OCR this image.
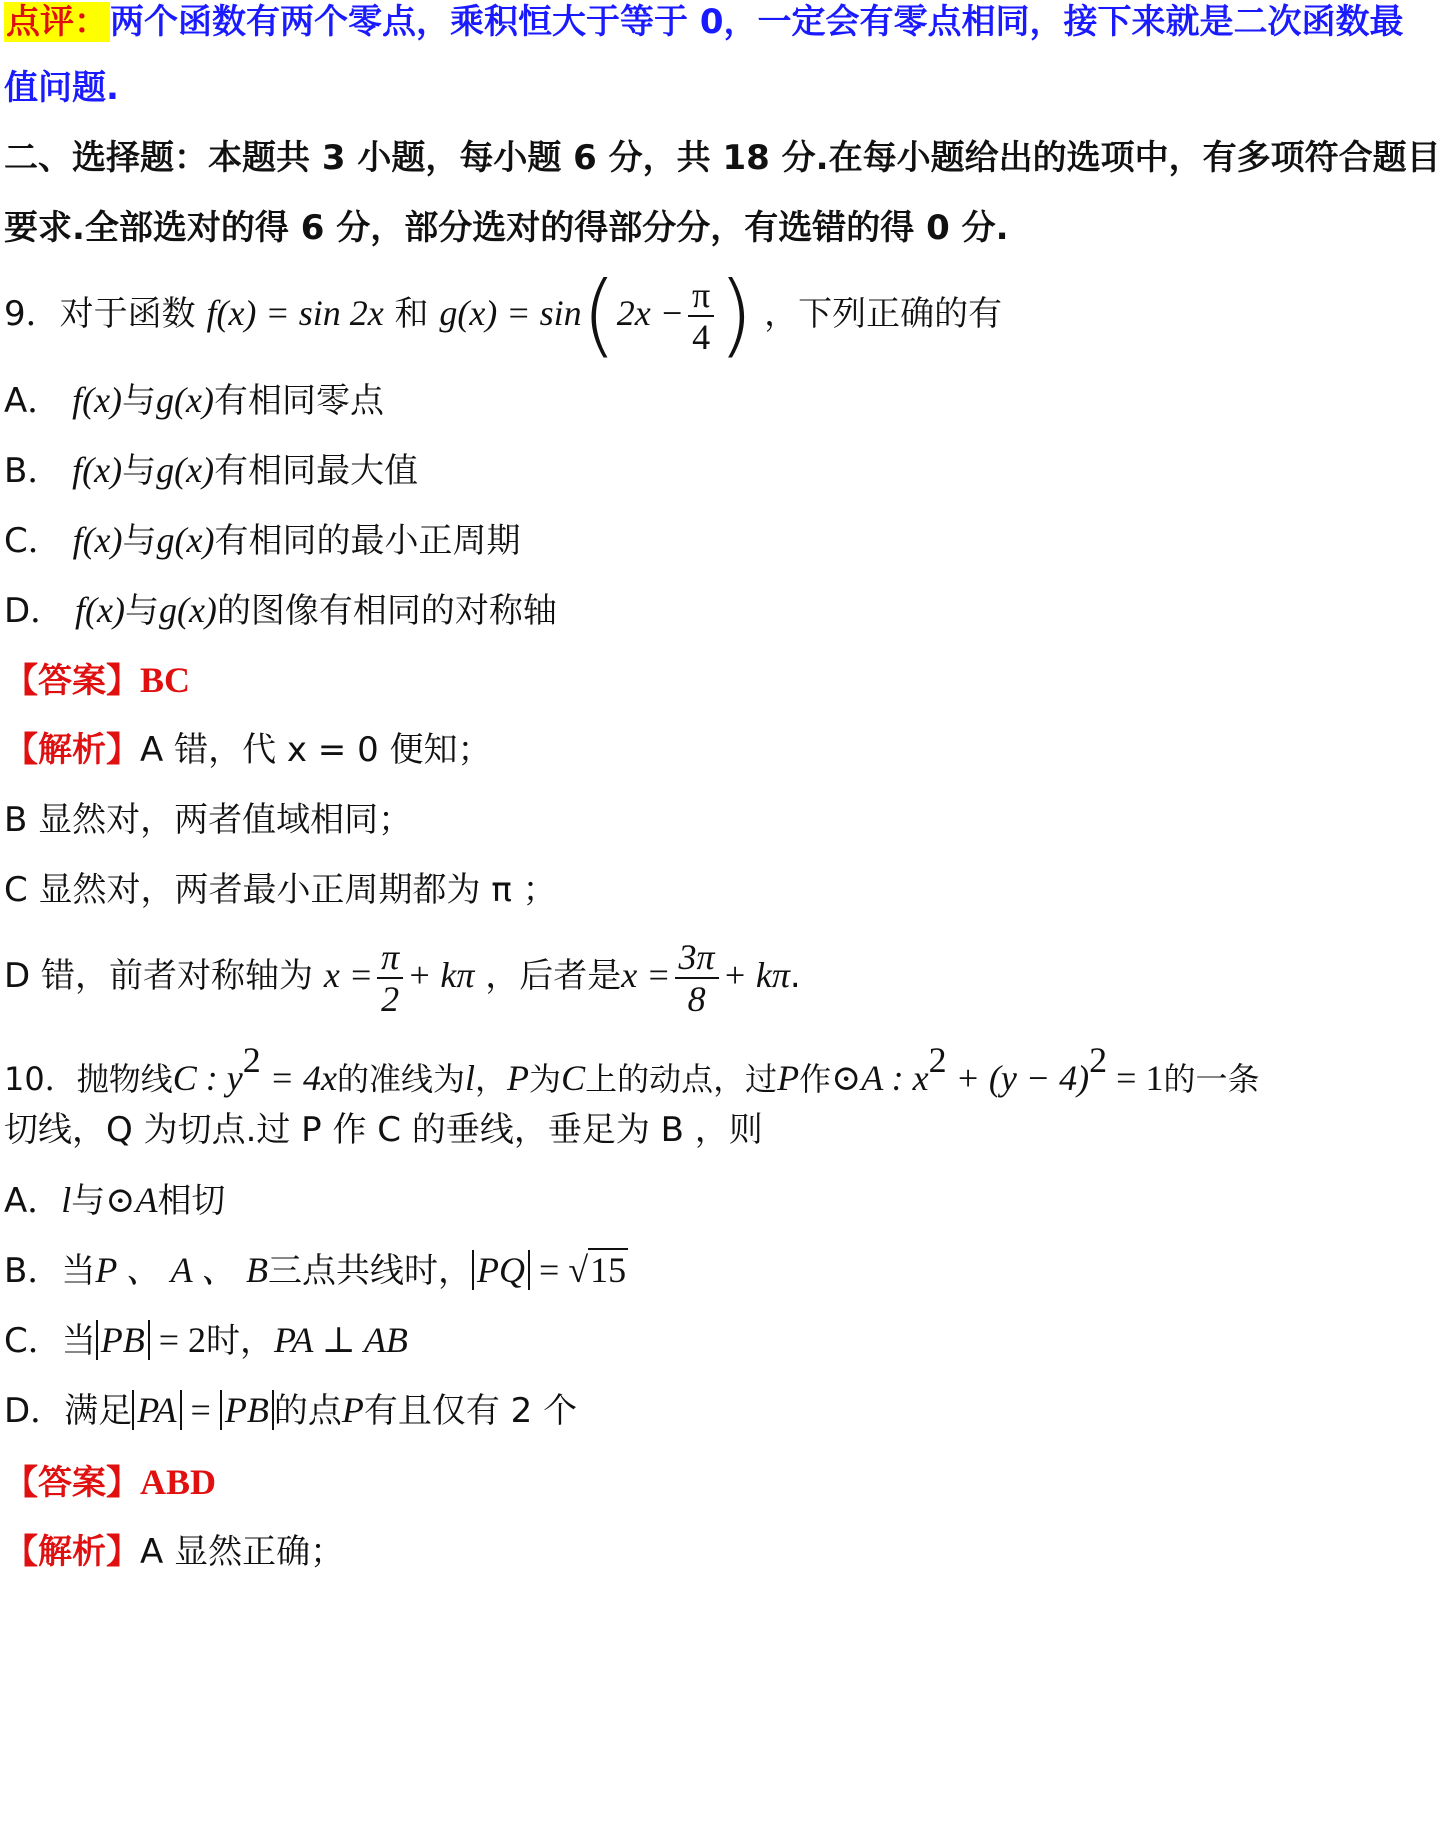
点评：两个函数有两个零点，乘积恒大于等于 0，一定会有零点相同，接下来就是二次函数最
值问题.
二、选择题：本题共 3 小题，每小题 6 分，共 18 分.在每小题给出的选项中，有多项符合题目
要求.全部选对的得 6 分，部分选对的得部分分，有选错的得 0 分.
9．对于函数 f(x) = sin 2x 和 $g(x) = \sin(2x - \frac{\pi}{4}$ ) ，下列正确的有
A． f(x)与g(x)有相同零点
B． f(x)与g(x)有相同最大值
C． f(x)与g(x)有相同的最小正周期
D． f(x)与g(x)的图像有相同的对称轴
【答案】BC
【解析】A 错，代 x = 0 便知；
B 显然对，两者值域相同；
C 显然对，两者最小正周期都为 π ；
D 错，前者对称轴为 $x = \frac{\pi}{2} + k\pi$ ，后者是$x = \frac{3\pi}{8} + k\pi$.
10．抛物线C : $y^2 = 4x$的准线为l，P为C上的动点，过P作⊙A : $x^2 + (y - 4)^2 = 1$的一条
切线，Q 为切点.过 P 作 C 的垂线，垂足为 B ，则
A．l与⊙A相切
B．当P 、 A 、 B三点共线时， PQ = √15
C．当 PB = 2时，PA ⊥ AB
D．满足 PA = PB 的点P有且仅有 2 个
【答案】ABD
【解析】A 显然正确；
